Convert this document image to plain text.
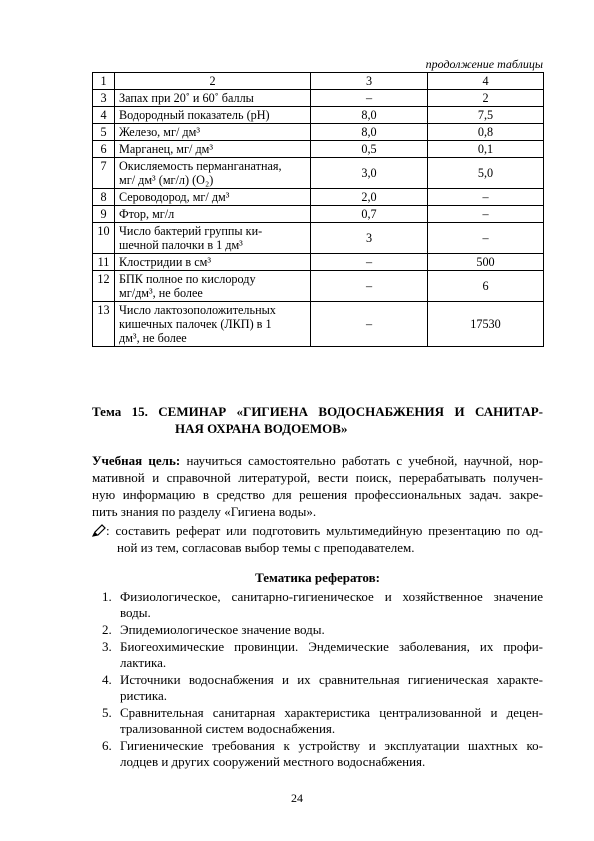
продолжение таблицы
1	2	3	4
3	Запах при 20˚ и 60˚ баллы	–	2
4	Водородный показатель (pH)	8,0	7,5
5	Железо, мг/ дм³	8,0	0,8
6	Марганец, мг/ дм³	0,5	0,1
7	Окисляемость перманганатная,
мг/ дм³ (мг/л) (O₂)	3,0	5,0
8	Сероводород, мг/ дм³	2,0	–
9	Фтор, мг/л	0,7	–
10	Число бактерий группы ки-
шечной палочки в 1 дм³	3	–
11	Клостридии в см³	–	500
12	БПК полное по кислороду
мг/дм³, не более	–	6
13	Число лактозоположительных
кишечных палочек (ЛКП) в 1
дм³, не более	–	17530
Тема 15. СЕМИНАР «ГИГИЕНА ВОДОСНАБЖЕНИЯ И САНИТАР-
НАЯ ОХРАНА ВОДОЕМОВ»
Учебная цель: научиться самостоятельно работать с учебной, научной, нор-
мативной и справочной литературой, вести поиск, перерабатывать получен-
ную информацию в средство для решения профессиональных задач. закре-
пить знания по разделу «Гигиена воды».
: составить реферат или подготовить мультимедийную презентацию по од-
ной из тем, согласовав выбор темы с преподавателем.
Тематика рефератов:
1. Физиологическое, санитарно-гигиеническое и хозяйственное значение
воды.
2. Эпидемиологическое значение воды.
3. Биогеохимические провинции. Эндемические заболевания, их профи-
лактика.
4. Источники водоснабжения и их сравнительная гигиеническая характе-
ристика.
5. Сравнительная санитарная характеристика централизованной и децен-
трализованной систем водоснабжения.
6. Гигиенические требования к устройству и эксплуатации шахтных ко-
лодцев и других сооружений местного водоснабжения.
24
